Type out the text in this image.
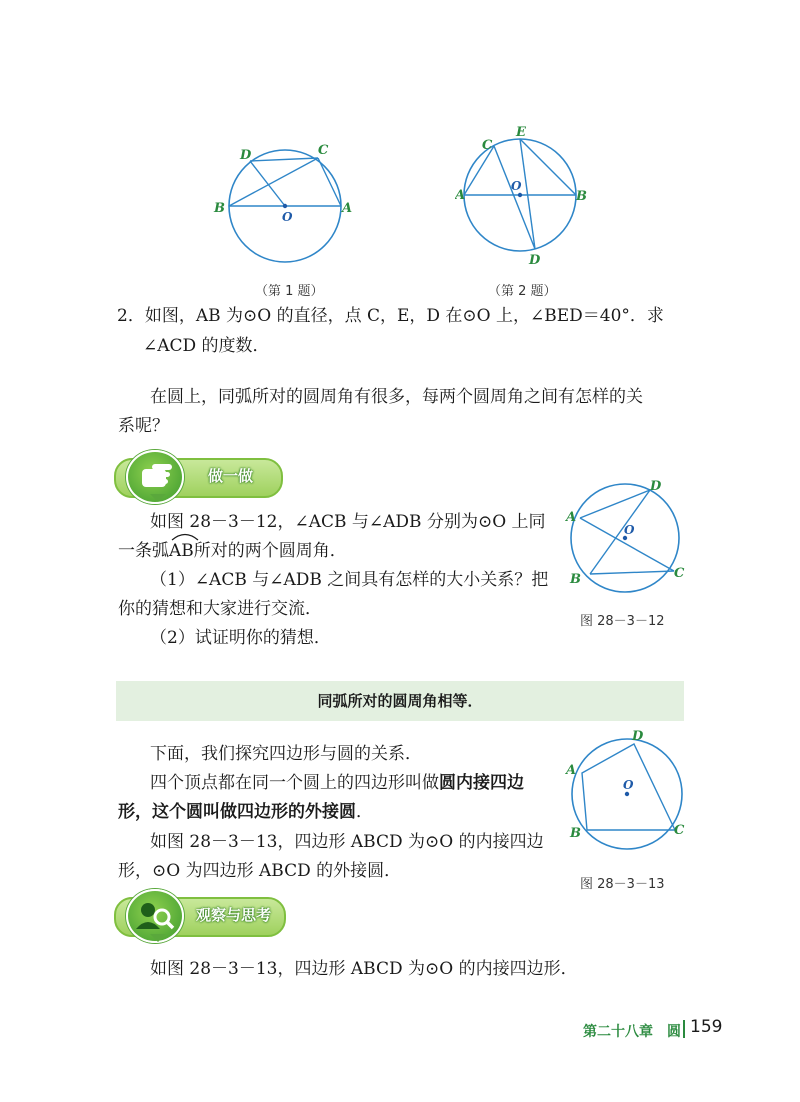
D	C
B	A
O
（第 1 题）
C
E
A	B
O
D
（第 2 题）
2．如图，AB 为⊙O 的直径，点 C，E，D 在⊙O 上，∠BED＝40°．求
∠ACD 的度数．
在圆上，同弧所对的圆周角有很多，每两个圆周角之间有怎样的关
系呢？
做一做
如图 28－3－12，∠ACB 与∠ADB 分别为⊙O 上同
一条弧AB所对的两个圆周角．
（1）∠ACB 与∠ADB 之间具有怎样的大小关系？把
你的猜想和大家进行交流．
（2）试证明你的猜想．
A
D
O
B	C
图 28－3－12
同弧所对的圆周角相等．
下面，我们探究四边形与圆的关系．
四个顶点都在同一个圆上的四边形叫做圆内接四边
形，这个圆叫做四边形的外接圆．
如图 28－3－13，四边形 ABCD 为⊙O 的内接四边
形，⊙O 为四边形 ABCD 的外接圆．
A
D
O
B	C
图 28－3－13
观察与思考
如图 28－3－13，四边形 ABCD 为⊙O 的内接四边形．
第二十八章　圆 159
